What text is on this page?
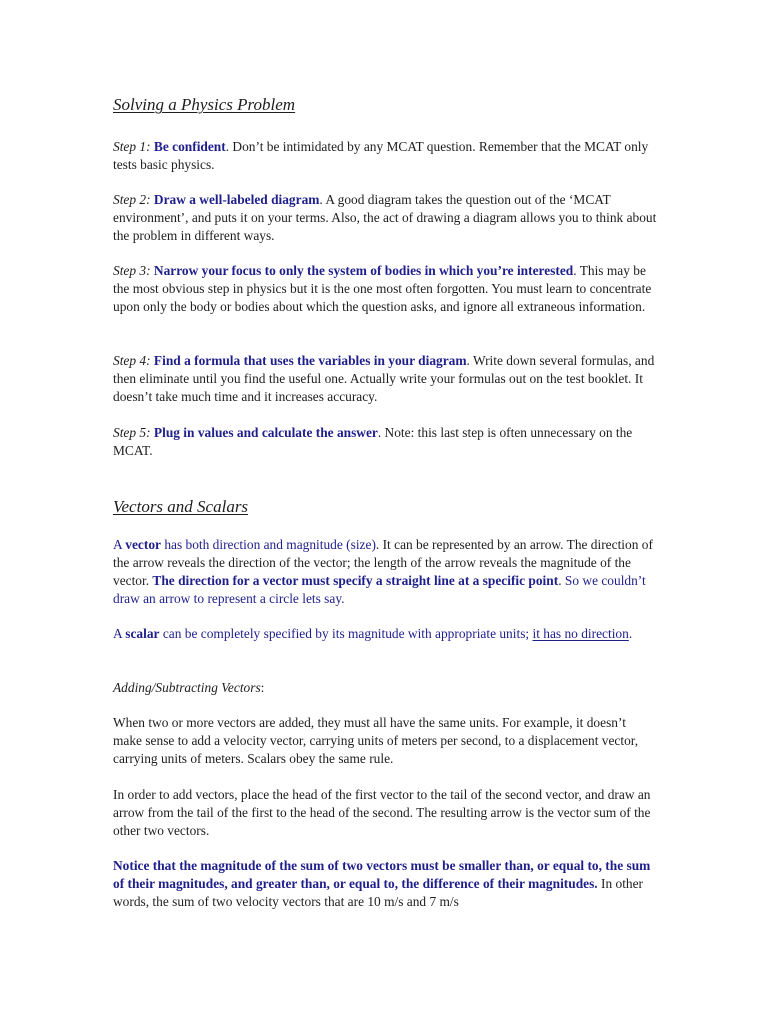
Solving a Physics Problem

Step 1: Be confident. Don’t be intimidated by any MCAT question. Remember that the MCAT only tests basic physics.

Step 2: Draw a well-labeled diagram. A good diagram takes the question out of the ‘MCAT environment’, and puts it on your terms. Also, the act of drawing a diagram allows you to think about the problem in different ways.

Step 3: Narrow your focus to only the system of bodies in which you’re interested. This may be the most obvious step in physics but it is the one most often forgotten. You must learn to concentrate upon only the body or bodies about which the question asks, and ignore all extraneous information.

Step 4: Find a formula that uses the variables in your diagram. Write down several formulas, and then eliminate until you find the useful one. Actually write your formulas out on the test booklet. It doesn’t take much time and it increases accuracy.

Step 5: Plug in values and calculate the answer. Note: this last step is often unnecessary on the MCAT.

Vectors and Scalars

A vector has both direction and magnitude (size). It can be represented by an arrow. The direction of the arrow reveals the direction of the vector; the length of the arrow reveals the magnitude of the vector. The direction for a vector must specify a straight line at a specific point. So we couldn’t draw an arrow to represent a circle lets say.

A scalar can be completely specified by its magnitude with appropriate units; it has no direction.

Adding/Subtracting Vectors:

When two or more vectors are added, they must all have the same units. For example, it doesn’t make sense to add a velocity vector, carrying units of meters per second, to a displacement vector, carrying units of meters. Scalars obey the same rule.

In order to add vectors, place the head of the first vector to the tail of the second vector, and draw an arrow from the tail of the first to the head of the second. The resulting arrow is the vector sum of the other two vectors.

Notice that the magnitude of the sum of two vectors must be smaller than, or equal to, the sum of their magnitudes, and greater than, or equal to, the difference of their magnitudes. In other words, the sum of two velocity vectors that are 10 m/s and 7 m/s
